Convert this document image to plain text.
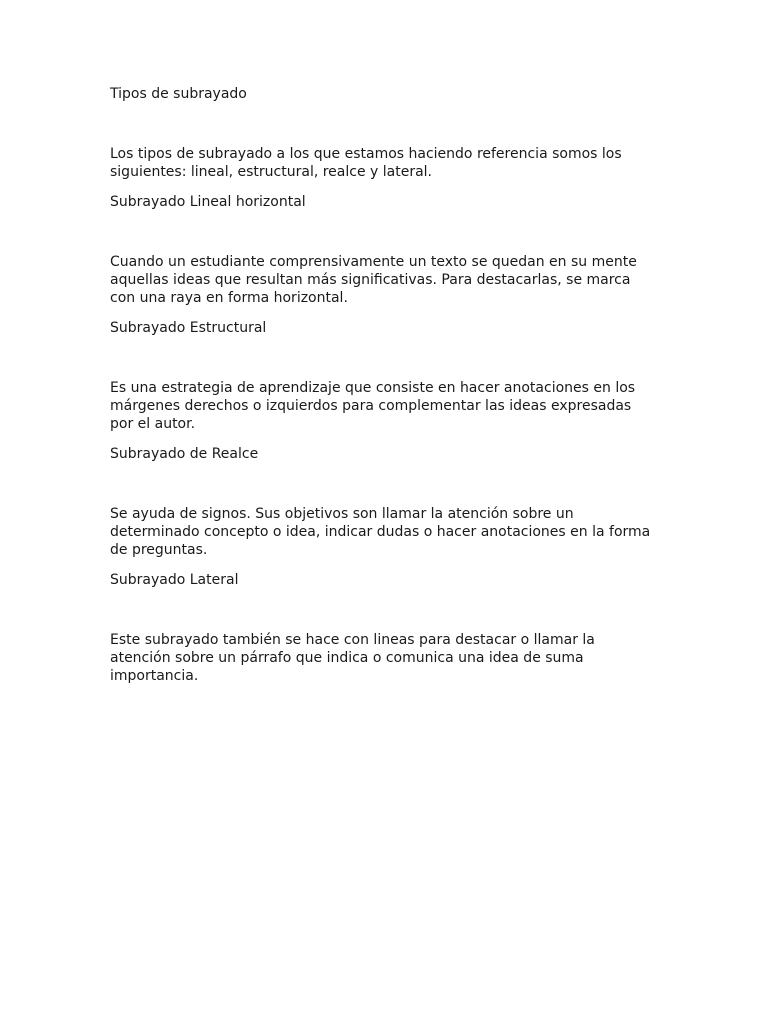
Tipos de subrayado
Los tipos de subrayado a los que estamos haciendo referencia somos los
siguientes: lineal, estructural, realce y lateral.
Subrayado Lineal horizontal
Cuando un estudiante comprensivamente un texto se quedan en su mente
aquellas ideas que resultan más significativas. Para destacarlas, se marca
con una raya en forma horizontal.
Subrayado Estructural
Es una estrategia de aprendizaje que consiste en hacer anotaciones en los
márgenes derechos o izquierdos para complementar las ideas expresadas
por el autor.
Subrayado de Realce
Se ayuda de signos. Sus objetivos son llamar la atención sobre un
determinado concepto o idea, indicar dudas o hacer anotaciones en la forma
de preguntas.
Subrayado Lateral
Este subrayado también se hace con lineas para destacar o llamar la
atención sobre un párrafo que indica o comunica una idea de suma
importancia.
